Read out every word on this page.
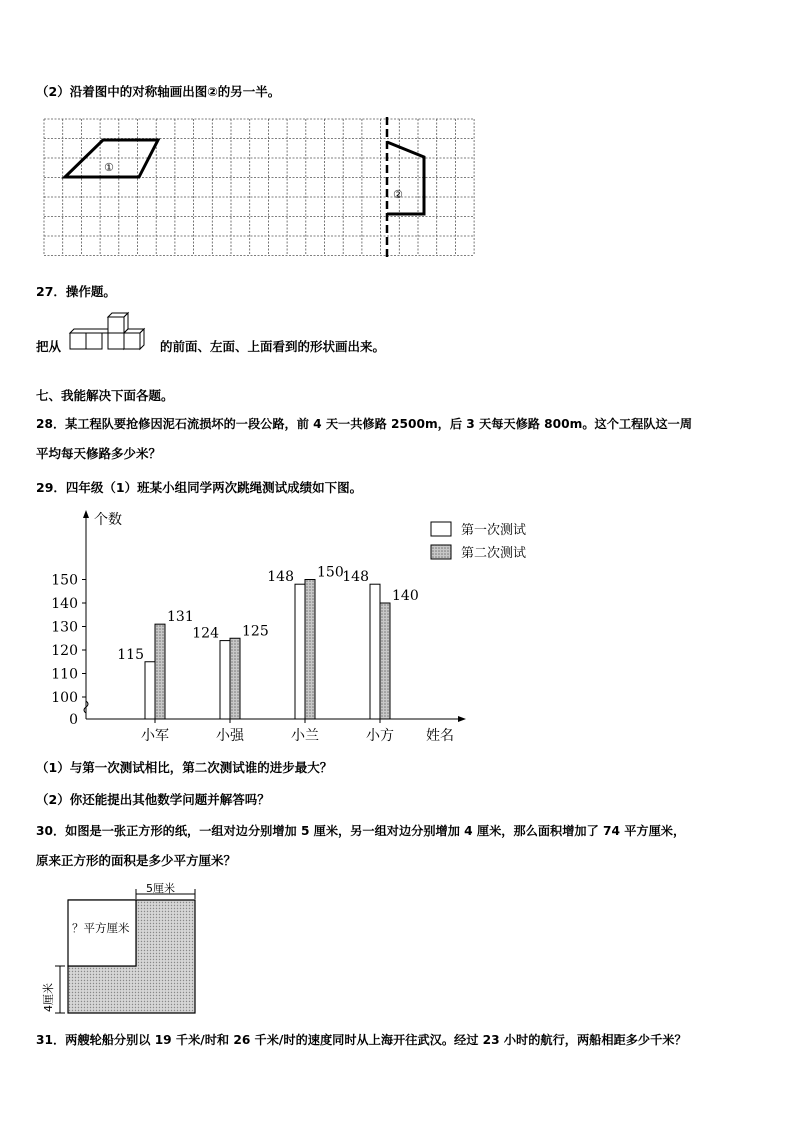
（2）沿着图中的对称轴画出图②的另一半。
①
②
27．操作题。
把从	的前面、左面、上面看到的形状画出来。
七、我能解决下面各题。
28．某工程队要抢修因泥石流损坏的一段公路，前 4 天一共修路 2500m，后 3 天每天修路 800m。这个工程队这一周
平均每天修路多少米？
29．四年级（1）班某小组同学两次跳绳测试成绩如下图。
0
100
110
120
130
140
150
个数
姓名
115
131
小军
124 125
小强
148 150
小兰
148
140
小方
第一次测试
第二次测试
（1）与第一次测试相比，第二次测试谁的进步最大？
（2）你还能提出其他数学问题并解答吗？
30．如图是一张正方形的纸，一组对边分别增加 5 厘米，另一组对边分别增加 4 厘米，那么面积增加了 74 平方厘米，
原来正方形的面积是多少平方厘米？
5厘米
4厘米
？平方厘米
31．两艘轮船分别以 19 千米/时和 26 千米/时的速度同时从上海开往武汉。经过 23 小时的航行，两船相距多少千米？
